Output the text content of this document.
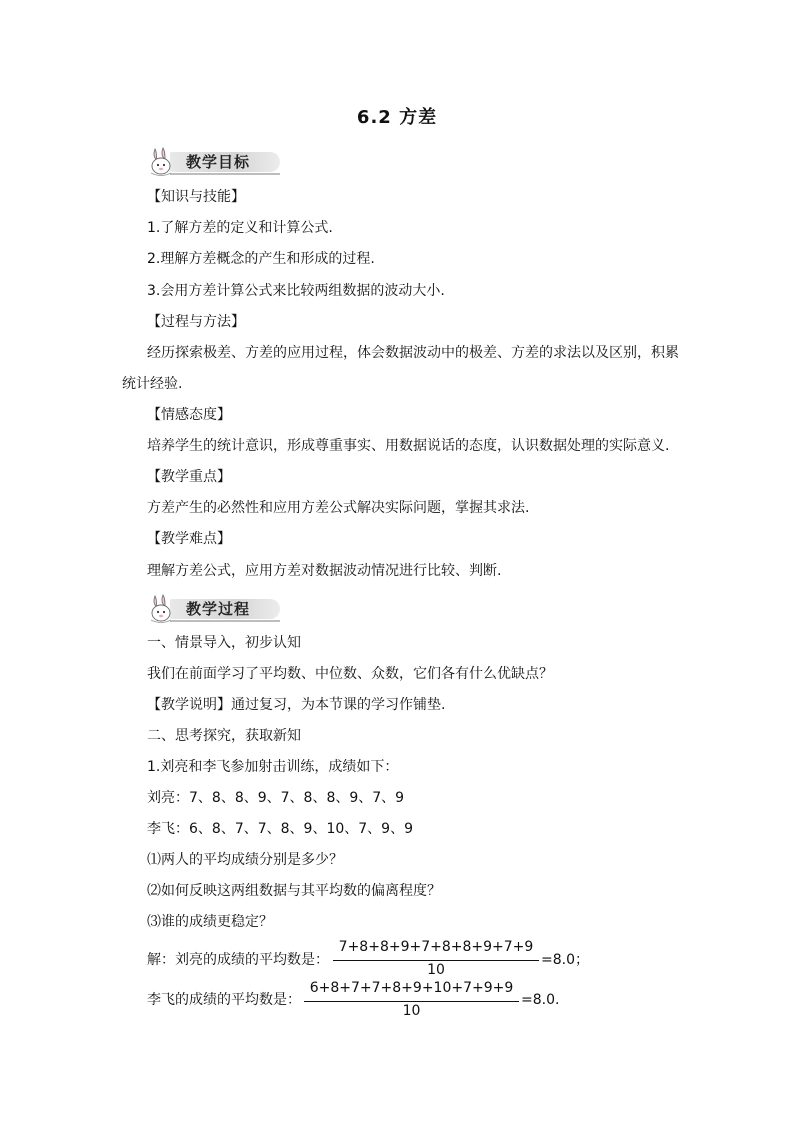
6.2 方差
教学目标
【知识与技能】
1.了解方差的定义和计算公式.
2.理解方差概念的产生和形成的过程.
3.会用方差计算公式来比较两组数据的波动大小.
【过程与方法】
经历探索极差、方差的应用过程，体会数据波动中的极差、方差的求法以及区别，积累
统计经验.
【情感态度】
培养学生的统计意识，形成尊重事实、用数据说话的态度，认识数据处理的实际意义.
【教学重点】
方差产生的必然性和应用方差公式解决实际问题，掌握其求法.
【教学难点】
理解方差公式，应用方差对数据波动情况进行比较、判断.
教学过程
一、情景导入，初步认知
我们在前面学习了平均数、中位数、众数，它们各有什么优缺点？
【教学说明】通过复习，为本节课的学习作铺垫.
二、思考探究，获取新知
1.刘亮和李飞参加射击训练，成绩如下：
刘亮：7、8、8、9、7、8、8、9、7、9
李飞：6、8、7、7、8、9、10、7、9、9
⑴两人的平均成绩分别是多少？
⑵如何反映这两组数据与其平均数的偏离程度？
⑶谁的成绩更稳定？
解：刘亮的成绩的平均数是：
7+8+8+9+7+8+8+9+7+9
10
=8.0；
李飞的成绩的平均数是：
6+8+7+7+8+9+10+7+9+9
10
=8.0.
